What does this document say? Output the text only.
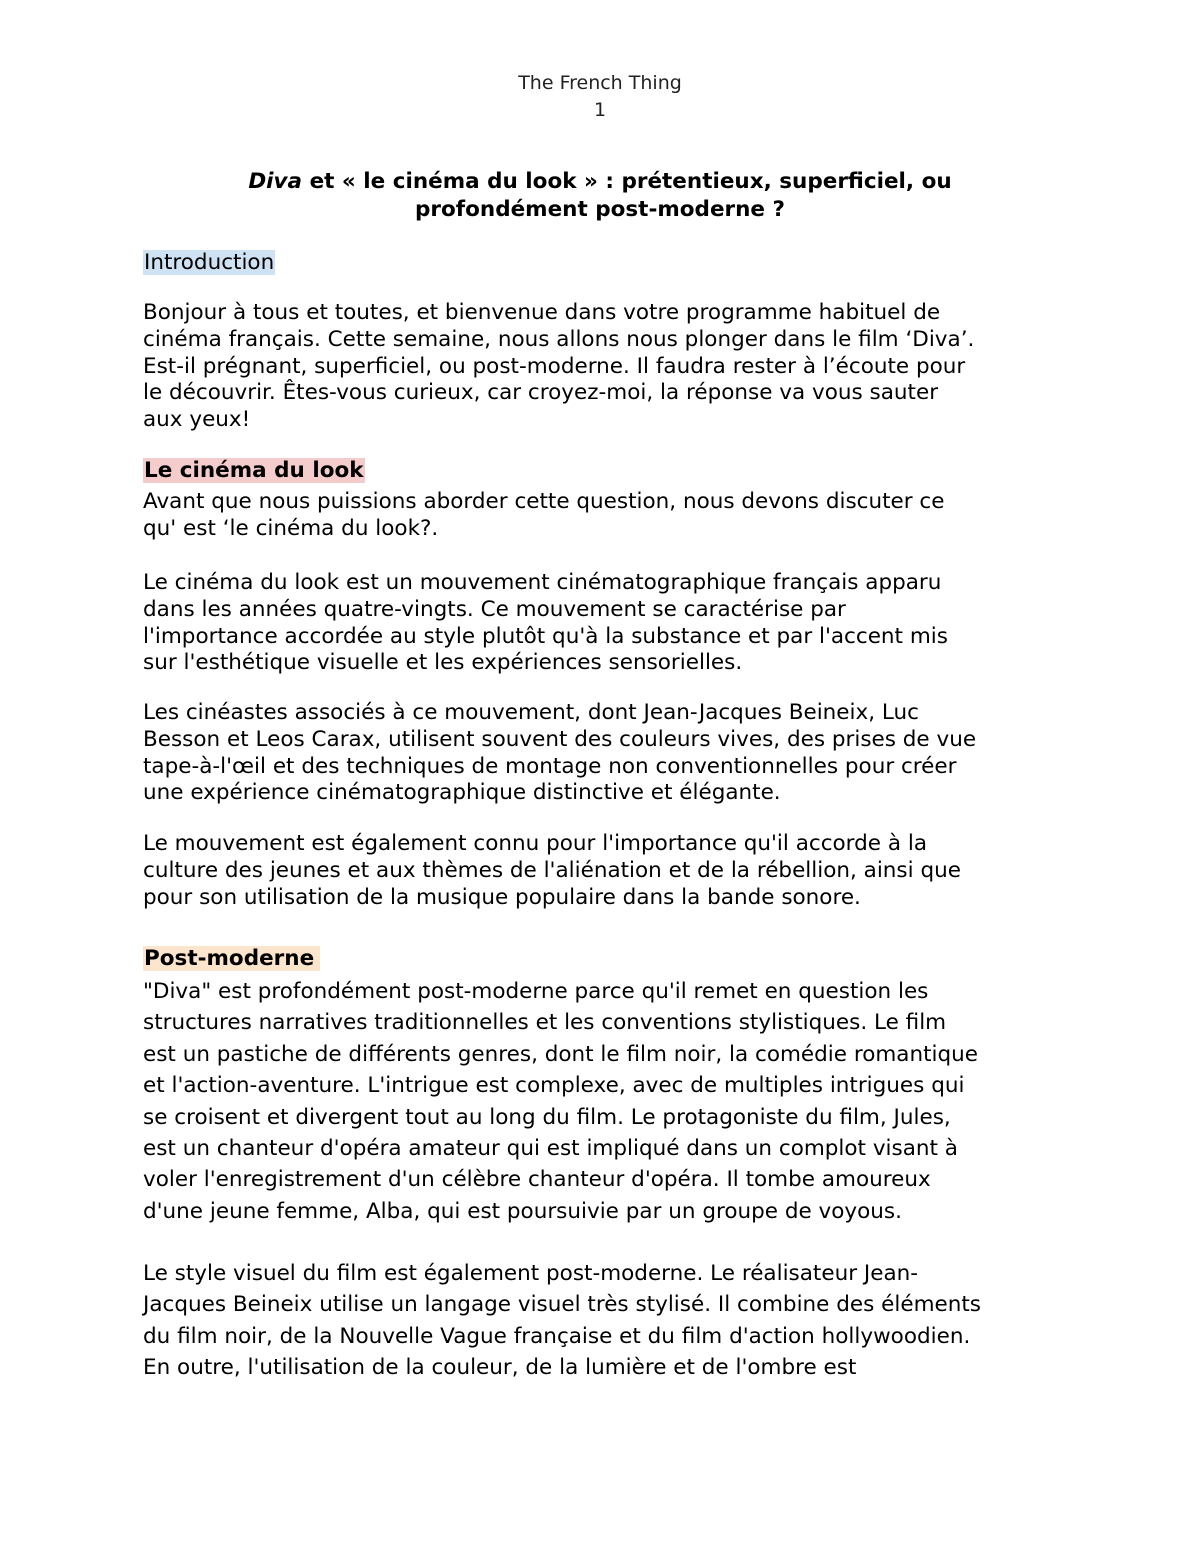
The French Thing
1
Diva et « le cinéma du look » : prétentieux, superficiel, ou
profondément post-moderne ?
Introduction
Bonjour à tous et toutes, et bienvenue dans votre programme habituel de
cinéma français. Cette semaine, nous allons nous plonger dans le film ‘Diva’.
Est-il prégnant, superficiel, ou post-moderne. Il faudra rester à l’écoute pour
le découvrir. Êtes-vous curieux, car croyez-moi, la réponse va vous sauter
aux yeux!
Le cinéma du look
Avant que nous puissions aborder cette question, nous devons discuter ce
qu' est ‘le cinéma du look?.
Le cinéma du look est un mouvement cinématographique français apparu
dans les années quatre-vingts. Ce mouvement se caractérise par
l'importance accordée au style plutôt qu'à la substance et par l'accent mis
sur l'esthétique visuelle et les expériences sensorielles.
Les cinéastes associés à ce mouvement, dont Jean-Jacques Beineix, Luc
Besson et Leos Carax, utilisent souvent des couleurs vives, des prises de vue
tape-à-l'œil et des techniques de montage non conventionnelles pour créer
une expérience cinématographique distinctive et élégante.
Le mouvement est également connu pour l'importance qu'il accorde à la
culture des jeunes et aux thèmes de l'aliénation et de la rébellion, ainsi que
pour son utilisation de la musique populaire dans la bande sonore.
Post-moderne
"Diva" est profondément post-moderne parce qu'il remet en question les
structures narratives traditionnelles et les conventions stylistiques. Le film
est un pastiche de différents genres, dont le film noir, la comédie romantique
et l'action-aventure. L'intrigue est complexe, avec de multiples intrigues qui
se croisent et divergent tout au long du film. Le protagoniste du film, Jules,
est un chanteur d'opéra amateur qui est impliqué dans un complot visant à
voler l'enregistrement d'un célèbre chanteur d'opéra. Il tombe amoureux
d'une jeune femme, Alba, qui est poursuivie par un groupe de voyous.
Le style visuel du film est également post-moderne. Le réalisateur Jean-
Jacques Beineix utilise un langage visuel très stylisé. Il combine des éléments
du film noir, de la Nouvelle Vague française et du film d'action hollywoodien.
En outre, l'utilisation de la couleur, de la lumière et de l'ombre est
